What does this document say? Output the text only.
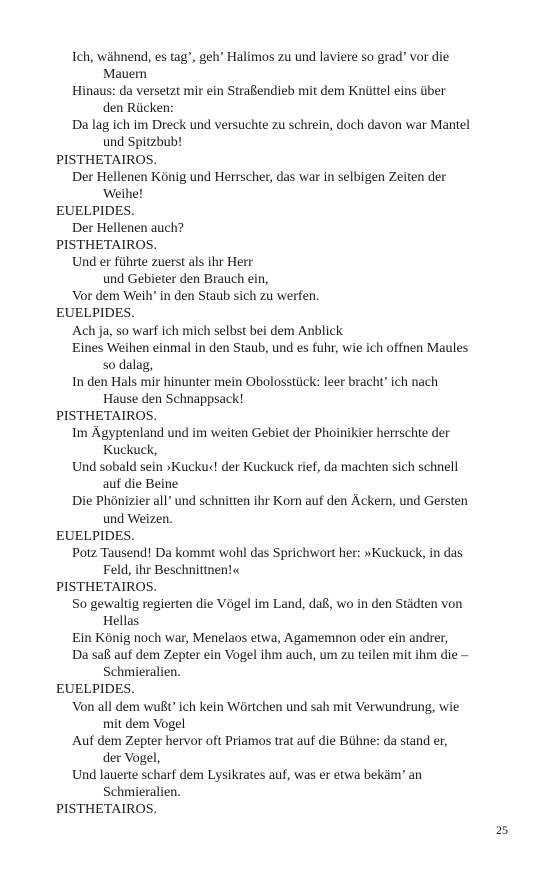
Ich, wähnend, es tag’, geh’ Halimos zu und laviere so grad’ vor die
Mauern
Hinaus: da versetzt mir ein Straßendieb mit dem Knüttel eins über
den Rücken:
Da lag ich im Dreck und versuchte zu schrein, doch davon war Mantel
und Spitzbub!
PISTHETAIROS.
Der Hellenen König und Herrscher, das war in selbigen Zeiten der
Weihe!
EUELPIDES.
Der Hellenen auch?
PISTHETAIROS.
Und er führte zuerst als ihr Herr
und Gebieter den Brauch ein,
Vor dem Weih’ in den Staub sich zu werfen.
EUELPIDES.
Ach ja, so warf ich mich selbst bei dem Anblick
Eines Weihen einmal in den Staub, und es fuhr, wie ich offnen Maules
so dalag,
In den Hals mir hinunter mein Obolosstück: leer bracht’ ich nach
Hause den Schnappsack!
PISTHETAIROS.
Im Ägyptenland und im weiten Gebiet der Phoinikier herrschte der
Kuckuck,
Und sobald sein ›Kucku‹! der Kuckuck rief, da machten sich schnell
auf die Beine
Die Phönizier all’ und schnitten ihr Korn auf den Äckern, und Gersten
und Weizen.
EUELPIDES.
Potz Tausend! Da kommt wohl das Sprichwort her: »Kuckuck, in das
Feld, ihr Beschnittnen!«
PISTHETAIROS.
So gewaltig regierten die Vögel im Land, daß, wo in den Städten von
Hellas
Ein König noch war, Menelaos etwa, Agamemnon oder ein andrer,
Da saß auf dem Zepter ein Vogel ihm auch, um zu teilen mit ihm die –
Schmieralien.
EUELPIDES.
Von all dem wußt’ ich kein Wörtchen und sah mit Verwundrung, wie
mit dem Vogel
Auf dem Zepter hervor oft Priamos trat auf die Bühne: da stand er,
der Vogel,
Und lauerte scharf dem Lysikrates auf, was er etwa bekäm’ an
Schmieralien.
PISTHETAIROS.
25
